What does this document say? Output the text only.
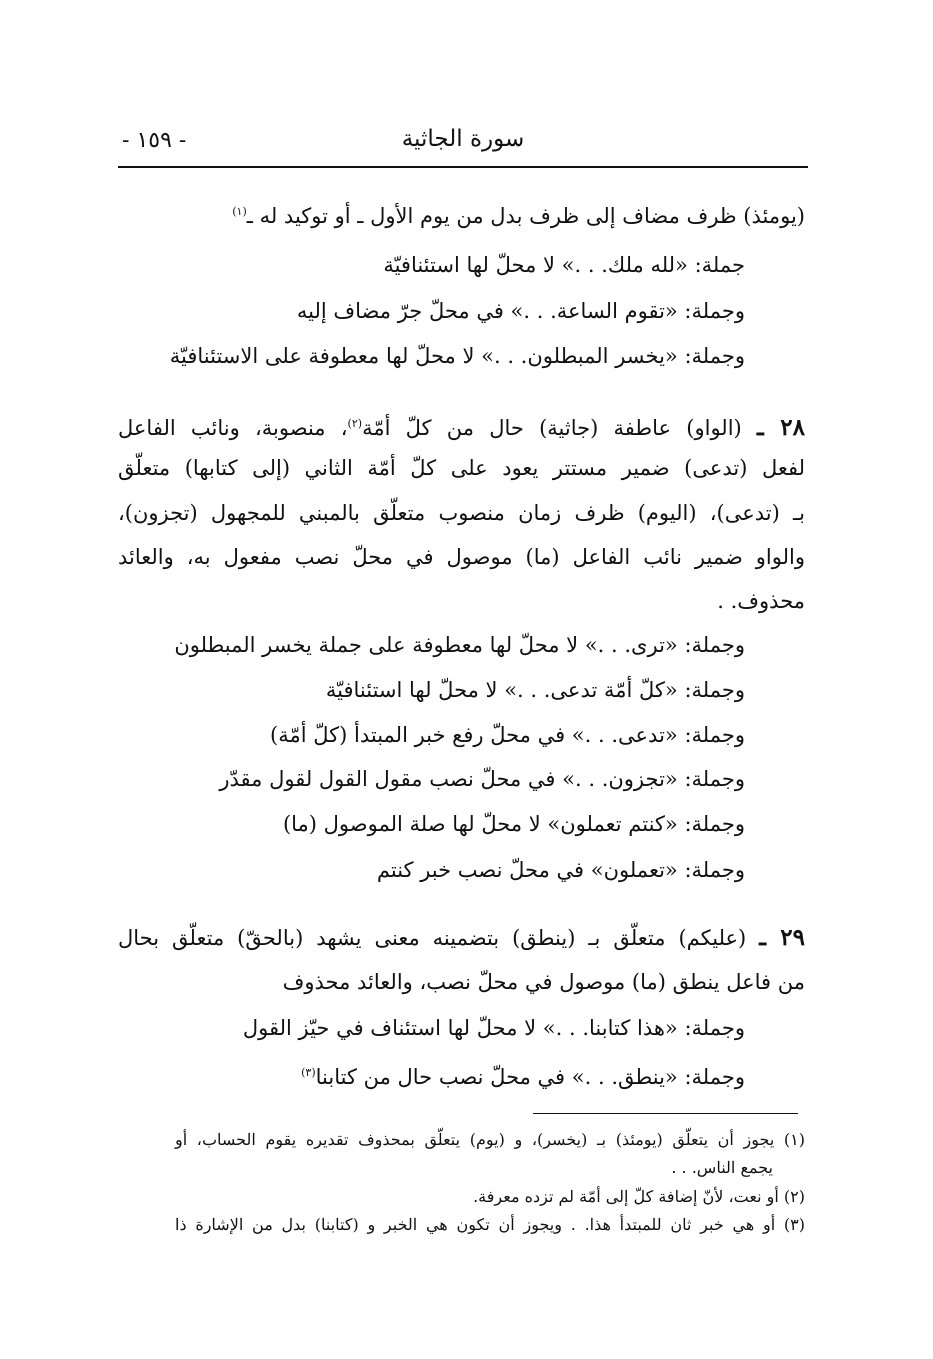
سورة الجاثية
- ١٥٩ -
(يومئذ) ظرف مضاف إلى ظرف بدل من يوم الأول ـ أو توكيد له ـ$^{(١)}$
جملة: «لله ملك. . .» لا محلّ لها استئنافيّة
وجملة: «تقوم الساعة. . .» في محلّ جرّ مضاف إليه
وجملة: «يخسر المبطلون. . .» لا محلّ لها معطوفة على الاستئنافيّة
٢٨ ـ (الواو) عاطفة (جاثية) حال من كلّ أمّة$^{(٢)}$، منصوبة، ونائب الفاعل
لفعل (تدعى) ضمير مستتر يعود على كلّ أمّة الثاني (إلى كتابها) متعلّق
بـ (تدعى)، (اليوم) ظرف زمان منصوب متعلّق بالمبني للمجهول (تجزون)،
والواو ضمير نائب الفاعل (ما) موصول في محلّ نصب مفعول به، والعائد
محذوف. .
وجملة: «ترى. . .» لا محلّ لها معطوفة على جملة يخسر المبطلون
وجملة: «كلّ أمّة تدعى. . .» لا محلّ لها استئنافيّة
وجملة: «تدعى. . .» في محلّ رفع خبر المبتدأ (كلّ أمّة)
وجملة: «تجزون. . .» في محلّ نصب مقول القول لقول مقدّر
وجملة: «كنتم تعملون» لا محلّ لها صلة الموصول (ما)
وجملة: «تعملون» في محلّ نصب خبر كنتم
٢٩ ـ (عليكم) متعلّق بـ (ينطق) بتضمينه معنى يشهد (بالحقّ) متعلّق بحال
من فاعل ينطق (ما) موصول في محلّ نصب، والعائد محذوف
وجملة: «هذا كتابنا. . .» لا محلّ لها استئناف في حيّز القول
وجملة: «ينطق. . .» في محلّ نصب حال من كتابنا$^{(٣)}$
(١) يجوز أن يتعلّق (يومئذ) بـ (يخسر)، و (يوم) يتعلّق بمحذوف تقديره يقوم الحساب، أو
يجمع الناس. . .
(٢) أو نعت، لأنّ إضافة كلّ إلى أمّة لم تزده معرفة.
(٣) أو هي خبر ثان للمبتدأ هذا. . ويجوز أن تكون هي الخبر و (كتابنا) بدل من الإشارة ذا
